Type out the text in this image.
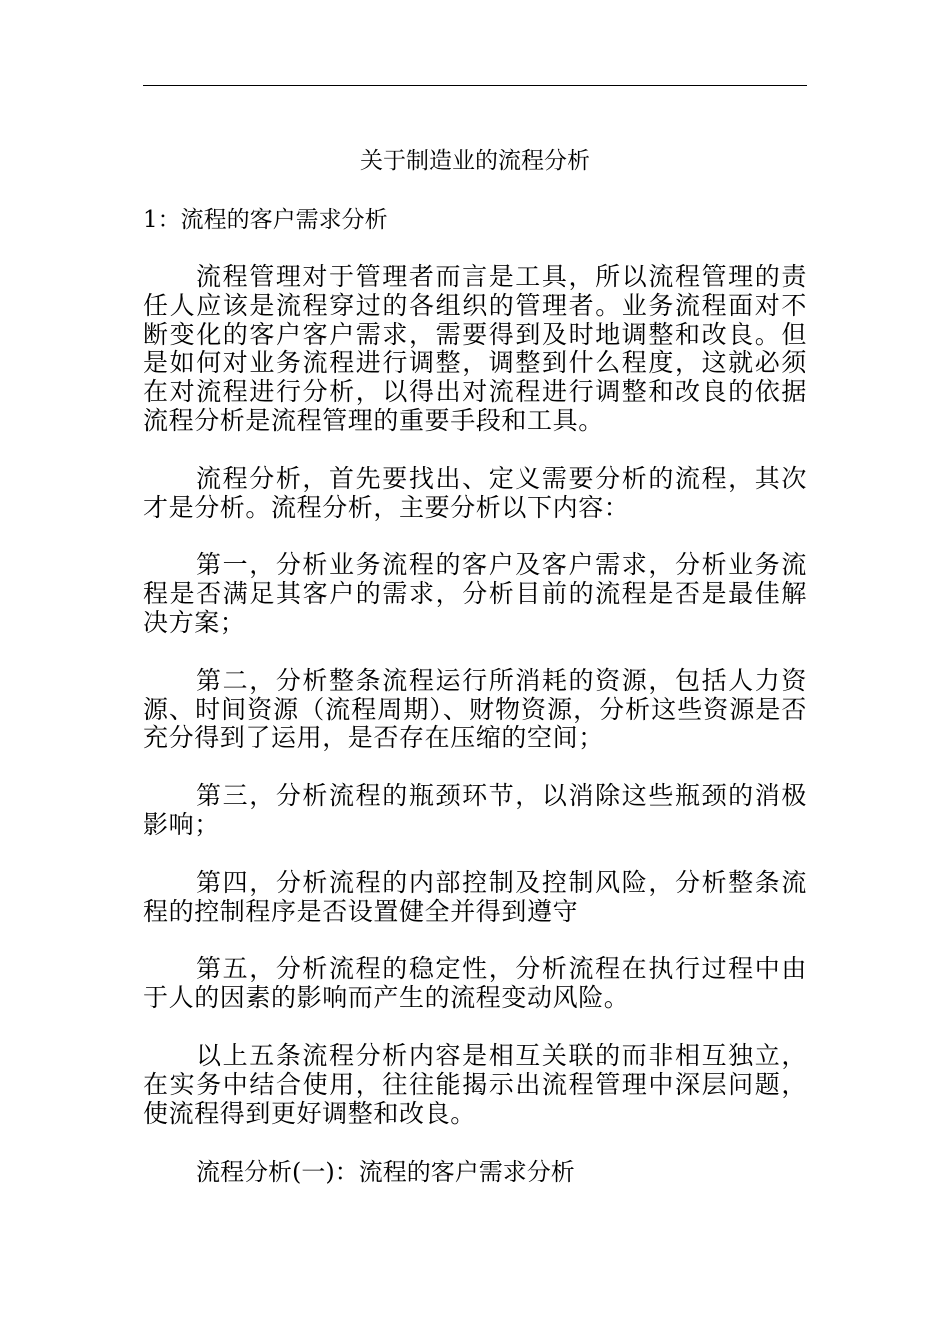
关于制造业的流程分析
1：流程的客户需求分析

流程管理对于管理者而言是工具，所以流程管理的责任人应该是流程穿过的各组织的管理者。业务流程面对不断变化的客户客户需求，需要得到及时地调整和改良。但是如何对业务流程进行调整，调整到什么程度，这就必须在对流程进行分析，以得出对流程进行调整和改良的依据流程分析是流程管理的重要手段和工具。

流程分析，首先要找出、定义需要分析的流程，其次才是分析。流程分析，主要分析以下内容：

第一，分析业务流程的客户及客户需求，分析业务流程是否满足其客户的需求，分析目前的流程是否是最佳解决方案；

第二，分析整条流程运行所消耗的资源，包括人力资源、时间资源（流程周期）、财物资源，分析这些资源是否充分得到了运用，是否存在压缩的空间；

第三，分析流程的瓶颈环节，以消除这些瓶颈的消极影响；

第四，分析流程的内部控制及控制风险，分析整条流程的控制程序是否设置健全并得到遵守

第五，分析流程的稳定性，分析流程在执行过程中由于人的因素的影响而产生的流程变动风险。

以上五条流程分析内容是相互关联的而非相互独立，在实务中结合使用，往往能揭示出流程管理中深层问题，使流程得到更好调整和改良。

流程分析(一)：流程的客户需求分析
